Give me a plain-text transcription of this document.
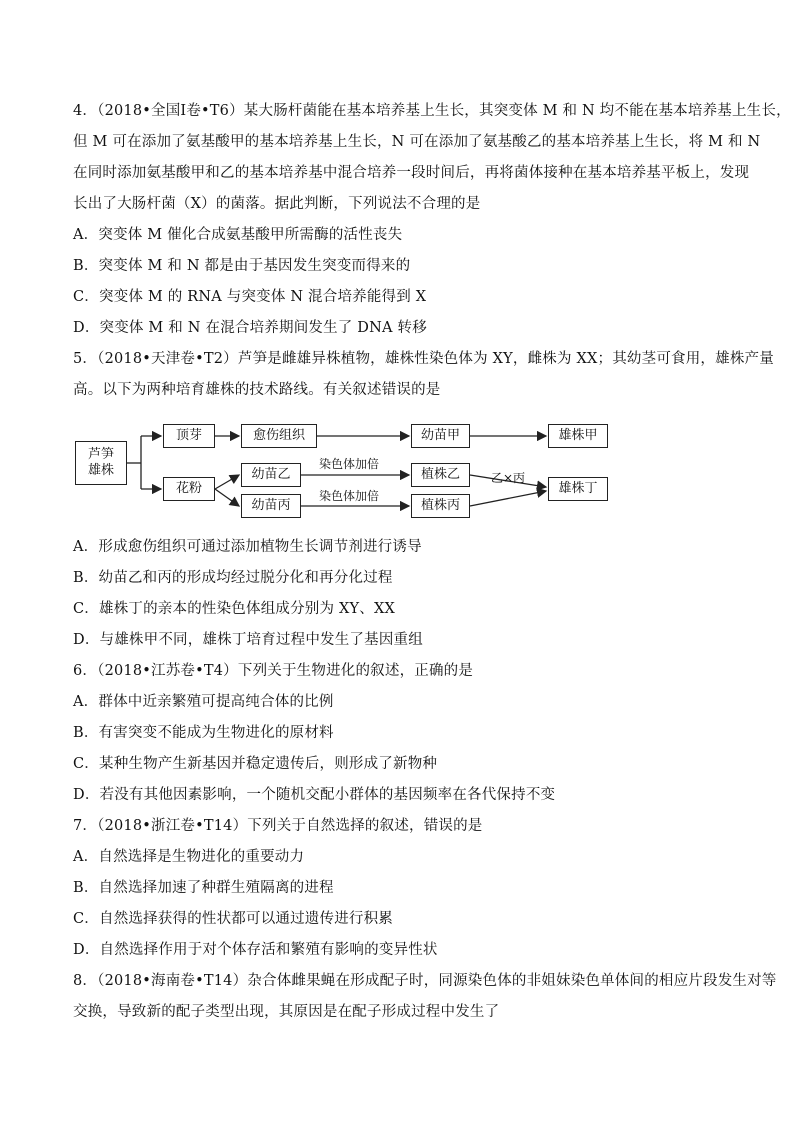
4．（2018•全国Ⅰ卷•T6）某大肠杆菌能在基本培养基上生长，其突变体 M 和 N 均不能在基本培养基上生长，
但 M 可在添加了氨基酸甲的基本培养基上生长，N 可在添加了氨基酸乙的基本培养基上生长，将 M 和 N
在同时添加氨基酸甲和乙的基本培养基中混合培养一段时间后，再将菌体接种在基本培养基平板上，发现
长出了大肠杆菌（X）的菌落。据此判断，下列说法不合理的是
A．突变体 M 催化合成氨基酸甲所需酶的活性丧失
B．突变体 M 和 N 都是由于基因发生突变而得来的
C．突变体 M 的 RNA 与突变体 N 混合培养能得到 X
D．突变体 M 和 N 在混合培养期间发生了 DNA 转移
5．（2018•天津卷•T2）芦笋是雌雄异株植物，雄株性染色体为 XY，雌株为 XX；其幼茎可食用，雄株产量
高。以下为两种培育雄株的技术路线。有关叙述错误的是
芦笋
雄株
顶芽	愈伤组织	幼苗甲	雄株甲
花粉
幼苗乙
幼苗丙
染色体加倍
染色体加倍
植株乙
植株丙
乙×丙
雄株丁
A．形成愈伤组织可通过添加植物生长调节剂进行诱导
B．幼苗乙和丙的形成均经过脱分化和再分化过程
C．雄株丁的亲本的性染色体组成分别为 XY、XX
D．与雄株甲不同，雄株丁培育过程中发生了基因重组
6．（2018•江苏卷•T4）下列关于生物进化的叙述，正确的是
A．群体中近亲繁殖可提高纯合体的比例
B．有害突变不能成为生物进化的原材料
C．某种生物产生新基因并稳定遗传后，则形成了新物种
D．若没有其他因素影响，一个随机交配小群体的基因频率在各代保持不变
7．（2018•浙江卷•T14）下列关于自然选择的叙述，错误的是
A．自然选择是生物进化的重要动力
B．自然选择加速了种群生殖隔离的进程
C．自然选择获得的性状都可以通过遗传进行积累
D．自然选择作用于对个体存活和繁殖有影响的变异性状
8．（2018•海南卷•T14）杂合体雌果蝇在形成配子时，同源染色体的非姐妹染色单体间的相应片段发生对等
交换，导致新的配子类型出现，其原因是在配子形成过程中发生了
